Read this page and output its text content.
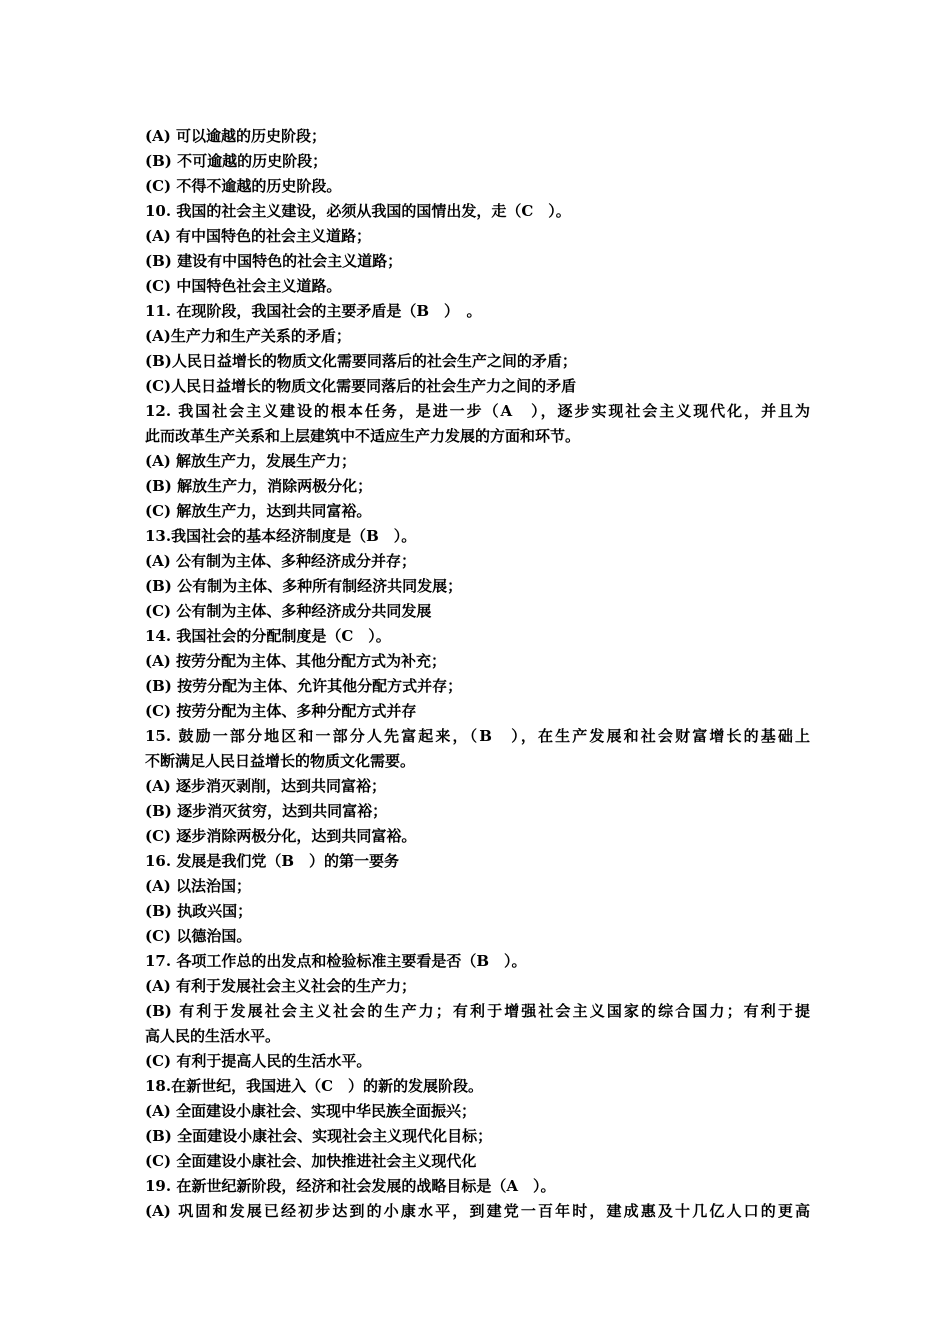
(A) 可以逾越的历史阶段；
(B) 不可逾越的历史阶段；
(C) 不得不逾越的历史阶段。
10. 我国的社会主义建设，必须从我国的国情出发，走（C　）。
(A) 有中国特色的社会主义道路；
(B) 建设有中国特色的社会主义道路；
(C) 中国特色社会主义道路。
11. 在现阶段，我国社会的主要矛盾是（B　）　。
(A)生产力和生产关系的矛盾；
(B)人民日益增长的物质文化需要同落后的社会生产之间的矛盾；
(C)人民日益增长的物质文化需要同落后的社会生产力之间的矛盾
12. 我国社会主义建设的根本任务，是进一步（A　），逐步实现社会主义现代化，并且为
此而改革生产关系和上层建筑中不适应生产力发展的方面和环节。
(A) 解放生产力，发展生产力；
(B) 解放生产力，消除两极分化；
(C) 解放生产力，达到共同富裕。
13.我国社会的基本经济制度是（B　）。
(A) 公有制为主体、多种经济成分并存；
(B) 公有制为主体、多种所有制经济共同发展；
(C) 公有制为主体、多种经济成分共同发展
14. 我国社会的分配制度是（C　）。
(A) 按劳分配为主体、其他分配方式为补充；
(B) 按劳分配为主体、允许其他分配方式并存；
(C) 按劳分配为主体、多种分配方式并存
15. 鼓励一部分地区和一部分人先富起来，（B　），在生产发展和社会财富增长的基础上
不断满足人民日益增长的物质文化需要。
(A) 逐步消灭剥削，达到共同富裕；
(B) 逐步消灭贫穷，达到共同富裕；
(C) 逐步消除两极分化，达到共同富裕。
16. 发展是我们党（B　）的第一要务
(A) 以法治国；
(B) 执政兴国；
(C) 以德治国。
17. 各项工作总的出发点和检验标准主要看是否（B　）。
(A) 有利于发展社会主义社会的生产力；
(B) 有利于发展社会主义社会的生产力；有利于增强社会主义国家的综合国力；有利于提
高人民的生活水平。
(C) 有利于提高人民的生活水平。
18.在新世纪，我国进入（C　）的新的发展阶段。
(A) 全面建设小康社会、实现中华民族全面振兴；
(B) 全面建设小康社会、实现社会主义现代化目标；
(C) 全面建设小康社会、加快推进社会主义现代化
19. 在新世纪新阶段，经济和社会发展的战略目标是（A　）。
(A) 巩固和发展已经初步达到的小康水平，到建党一百年时，建成惠及十几亿人口的更高
